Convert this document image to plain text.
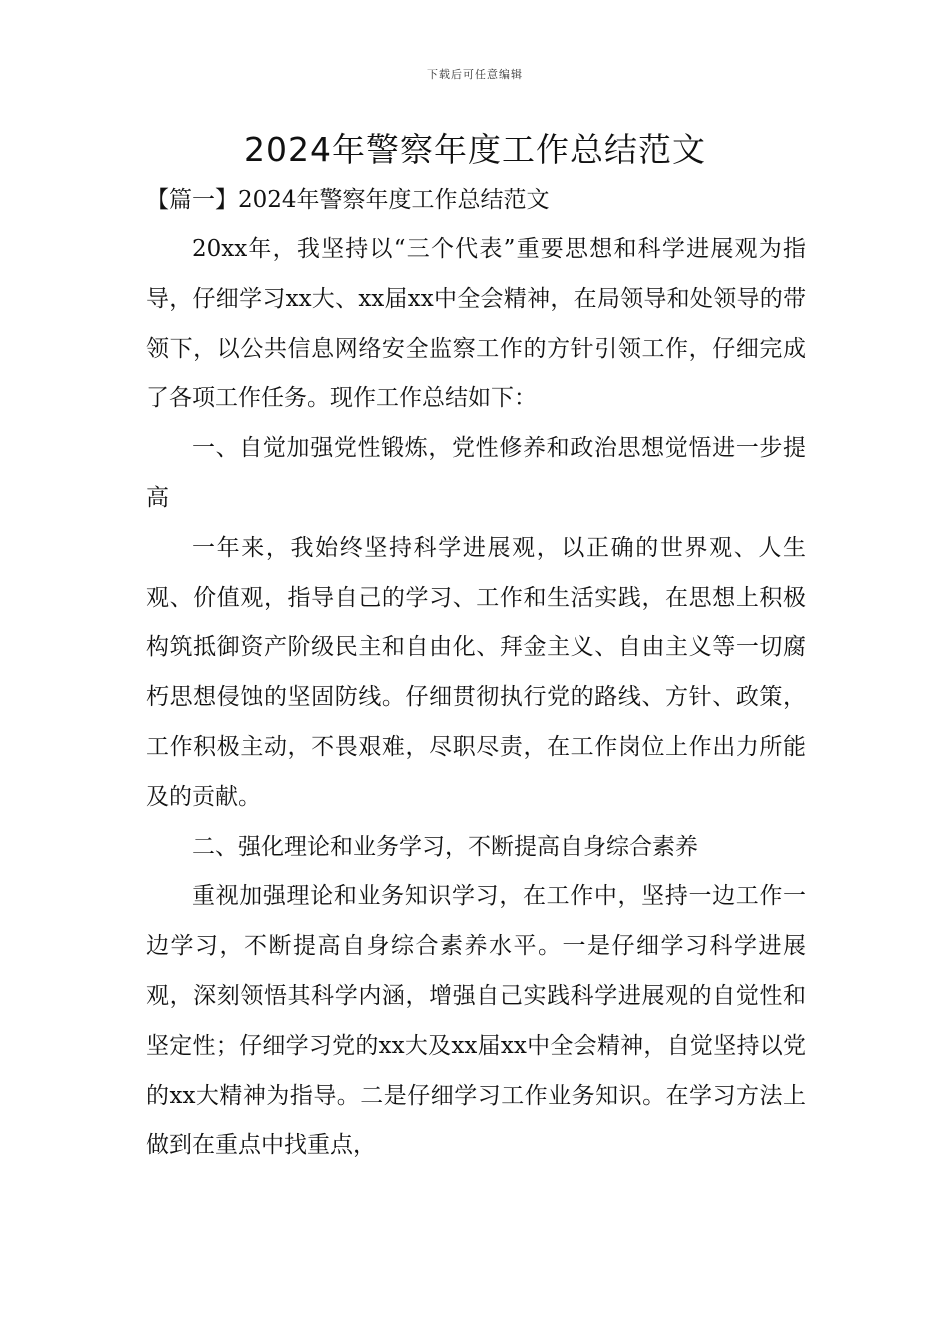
下载后可任意编辑
2024年警察年度工作总结范文
【篇一】2024年警察年度工作总结范文

20xx年，我坚持以“三个代表”重要思想和科学进展观为指导，仔细学习xx大、xx届xx中全会精神，在局领导和处领导的带领下，以公共信息网络安全监察工作的方针引领工作，仔细完成了各项工作任务。现作工作总结如下：

一、自觉加强党性锻炼，党性修养和政治思想觉悟进一步提高

一年来，我始终坚持科学进展观，以正确的世界观、人生观、价值观，指导自己的学习、工作和生活实践，在思想上积极构筑抵御资产阶级民主和自由化、拜金主义、自由主义等一切腐朽思想侵蚀的坚固防线。仔细贯彻执行党的路线、方针、政策，工作积极主动，不畏艰难，尽职尽责，在工作岗位上作出力所能及的贡献。

二、强化理论和业务学习，不断提高自身综合素养

重视加强理论和业务知识学习，在工作中，坚持一边工作一边学习，不断提高自身综合素养水平。一是仔细学习科学进展观，深刻领悟其科学内涵，增强自己实践科学进展观的自觉性和坚定性；仔细学习党的xx大及xx届xx中全会精神，自觉坚持以党的xx大精神为指导。二是仔细学习工作业务知识。在学习方法上做到在重点中找重点，
